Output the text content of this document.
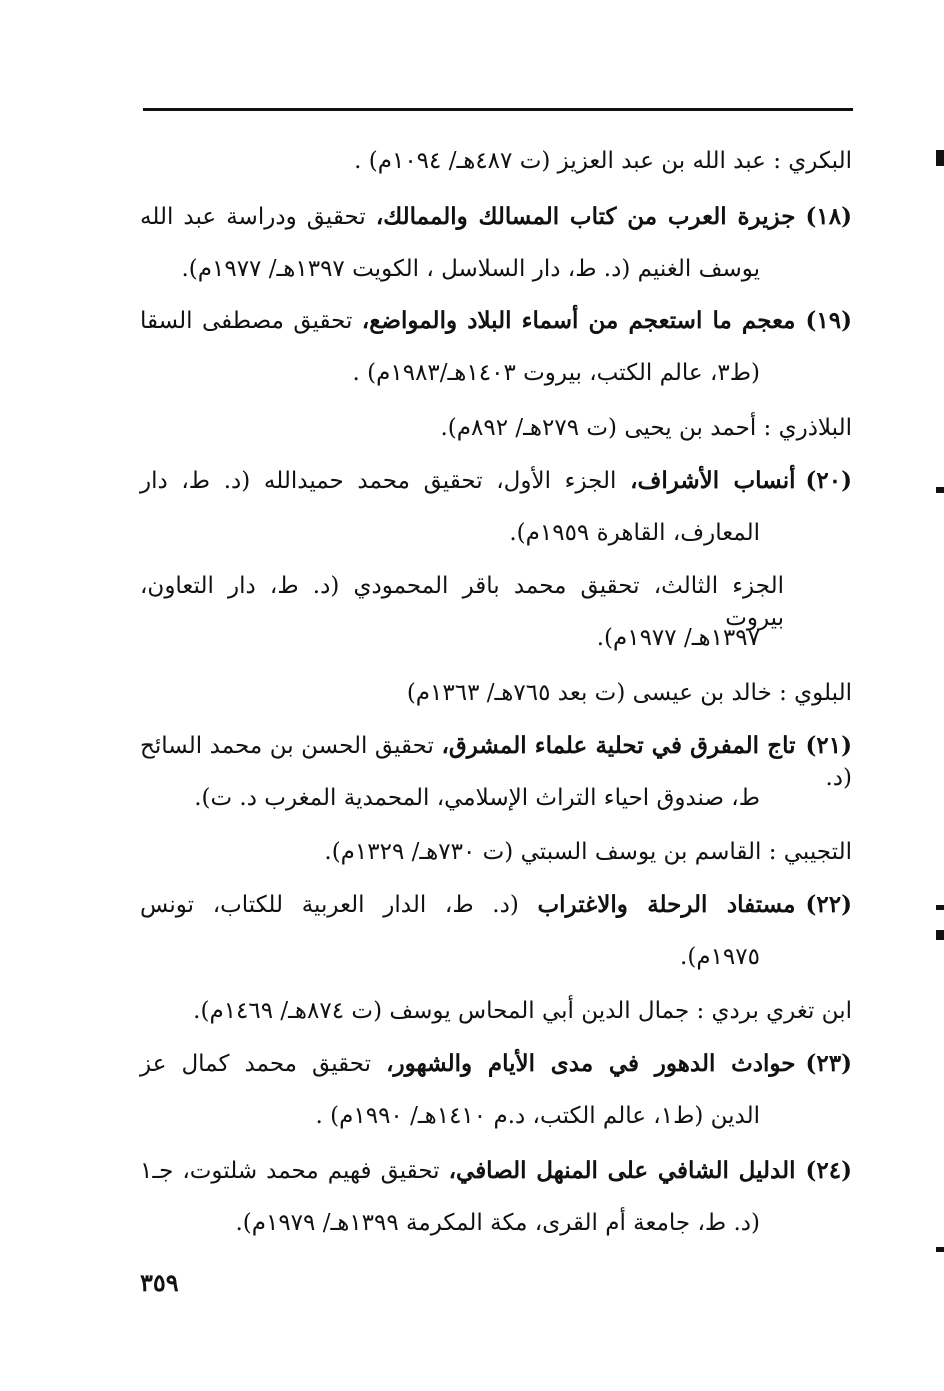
البكري : عبد الله بن عبد العزيز (ت ٤٨٧هـ/ ١٠٩٤م) .
(١٨)جزيرة العرب من كتاب المسالك والممالك، تحقيق ودراسة عبد الله
يوسف الغنيم (د. ط، دار السلاسل ، الكويت ١٣٩٧هـ/ ١٩٧٧م).
(١٩)معجم ما استعجم من أسماء البلاد والمواضع، تحقيق مصطفى السقا
(ط٣، عالم الكتب، بيروت ١٤٠٣هـ/١٩٨٣م) .
البلاذري : أحمد بن يحيى (ت ٢٧٩هـ/ ٨٩٢م).
(٢٠)أنساب الأشراف، الجزء الأول، تحقيق محمد حميدالله (د. ط، دار
المعارف، القاهرة ١٩٥٩م).
الجزء الثالث، تحقيق محمد باقر المحمودي (د. ط، دار التعاون، بيروت
١٣٩٧هـ/ ١٩٧٧م).
البلوي : خالد بن عيسى (ت بعد ٧٦٥هـ/ ١٣٦٣م)
(٢١)تاج المفرق في تحلية علماء المشرق، تحقيق الحسن بن محمد السائح (د.
ط، صندوق احياء التراث الإسلامي، المحمدية المغرب د. ت).
التجيبي : القاسم بن يوسف السبتي (ت ٧٣٠هـ/ ١٣٢٩م).
(٢٢)مستفاد الرحلة والاغتراب (د. ط، الدار العربية للكتاب، تونس
١٩٧٥م).
ابن تغري بردي : جمال الدين أبي المحاس يوسف (ت ٨٧٤هـ/ ١٤٦٩م).
(٢٣)حوادث الدهور في مدى الأيام والشهور، تحقيق محمد كمال عز
الدين (ط١، عالم الكتب، د.م ١٤١٠هـ/ ١٩٩٠م) .
(٢٤)الدليل الشافي على المنهل الصافي، تحقيق فهيم محمد شلتوت، جـ١
(د. ط، جامعة أم القرى، مكة المكرمة ١٣٩٩هـ/ ١٩٧٩م).
٣٥٩
